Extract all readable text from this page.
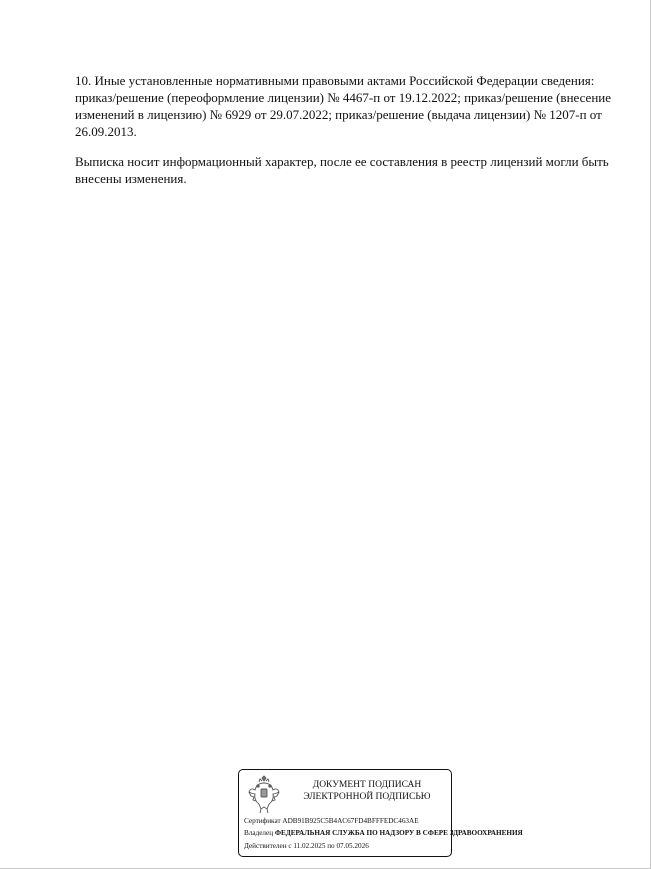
10. Иные установленные нормативными правовыми актами Российской Федерации сведения: приказ/решение (переоформление лицензии) № 4467-п от 19.12.2022; приказ/решение (внесение изменений в лицензию) № 6929 от 29.07.2022; приказ/решение (выдача лицензии) № 1207-п от 26.09.2013.

Выписка носит информационный характер, после ее составления в реестр лицензий могли быть внесены изменения.

ДОКУМЕНТ ПОДПИСАН
ЭЛЕКТРОННОЙ ПОДПИСЬЮ
Сертификат ADB91B925C5B4AC67FD4BFFFEDC463AE
Владелец ФЕДЕРАЛЬНАЯ СЛУЖБА ПО НАДЗОРУ В СФЕРЕ ЗДРАВООХРАНЕНИЯ
Действителен с 11.02.2025 по 07.05.2026
